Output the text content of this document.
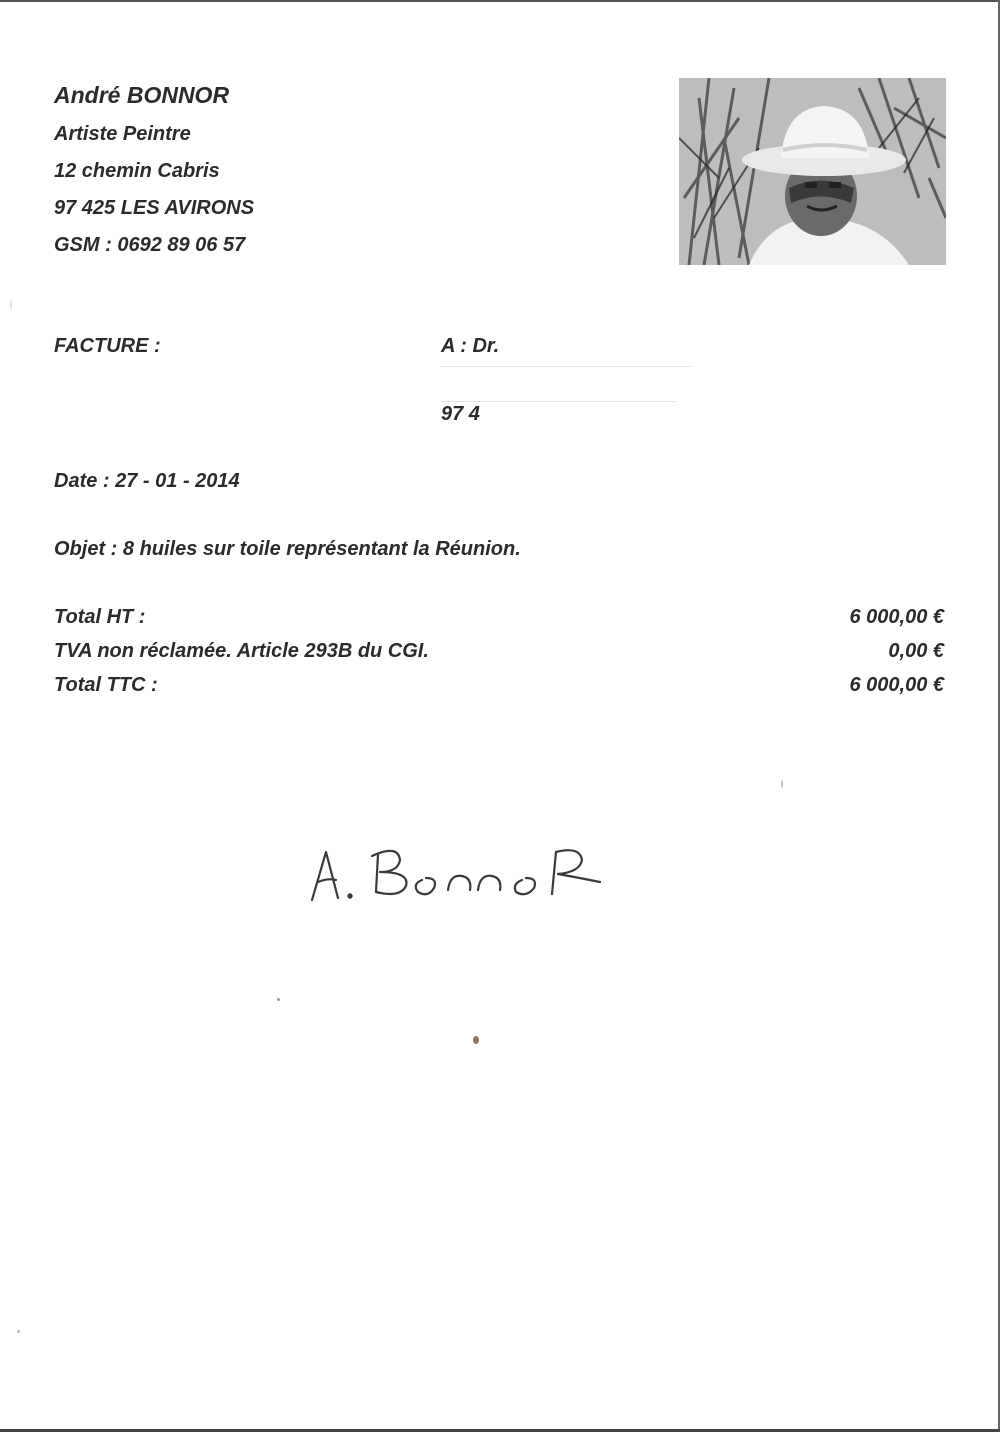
André BONNOR
Artiste Peintre
12 chemin Cabris
97 425 LES AVIRONS
GSM : 0692 89 06 57
FACTURE :	A : Dr.
97 4
Date : 27 - 01 - 2014
Objet : 8 huiles sur toile représentant la Réunion.
Total HT :	6 000,00 €
TVA non réclamée. Article 293B du CGI.	0,00 €
Total TTC :	6 000,00 €
